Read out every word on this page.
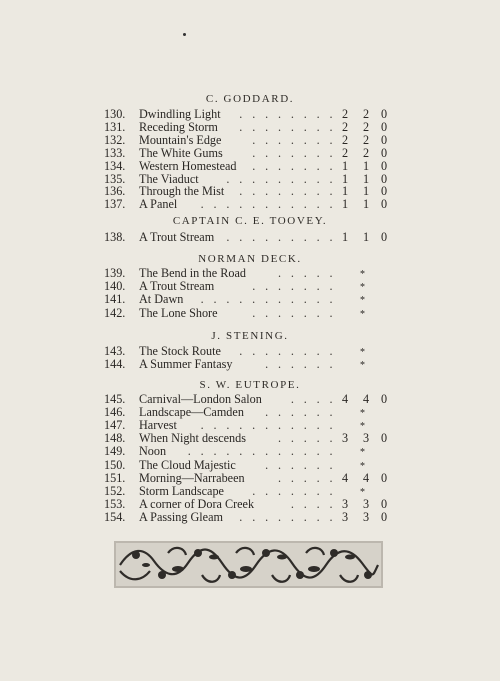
C. GODDARD.
130.	Dwindling Light . . . . . . . . 2 2 0
131.	Receding Storm . . . . . . . . 2 2 0
132.	Mountain's Edge	. . . . . . . 2 2 0
133.	The White Gums . . . . . . . 2 2 0
134.	Western Homestead . . . . . . . 1 1 0
135.	The Viaduct . . . . . . . . . 1 1 0
136.	Through the Mist . . . . . . . . 1 1 0
137.	A Panel . . . . . . . . . . . 1 1 0
CAPTAIN C. E. TOOVEY.
138.	A Trout Stream . . . . . . . . . 1 1 0
NORMAN DECK.
139.	The Bend in the Road	. . . . . *
140.	A Trout Stream	. . . . . . . *
141.	At Dawn . . . . . . . . . . . *
142.	The Lone Shore	. . . . . . . *
J. STENING.
143.	The Stock Route . . . . . . . . *
144.	A Summer Fantasy	. . . . . . *
S. W. EUTROPE.
145.	Carnival—London Salon . . . . 4 4 0
146.	Landscape—Camden . . . . . . *
147.	Harvest . . . . . . . . . . . *
148.	When Night descends	. . . . . 3 3 0
149.	Noon . . . . . . . . . . . . *
150.	The Cloud Majestic . . . . . . *
151.	Morning—Narrabeen	. . . . . 4 4 0
152.	Storm Landscape . . . . . . . *
153.	A corner of Dora Creek	. . . . 3 3 0
154.	A Passing Gleam . . . . . . . . 3 3 0
